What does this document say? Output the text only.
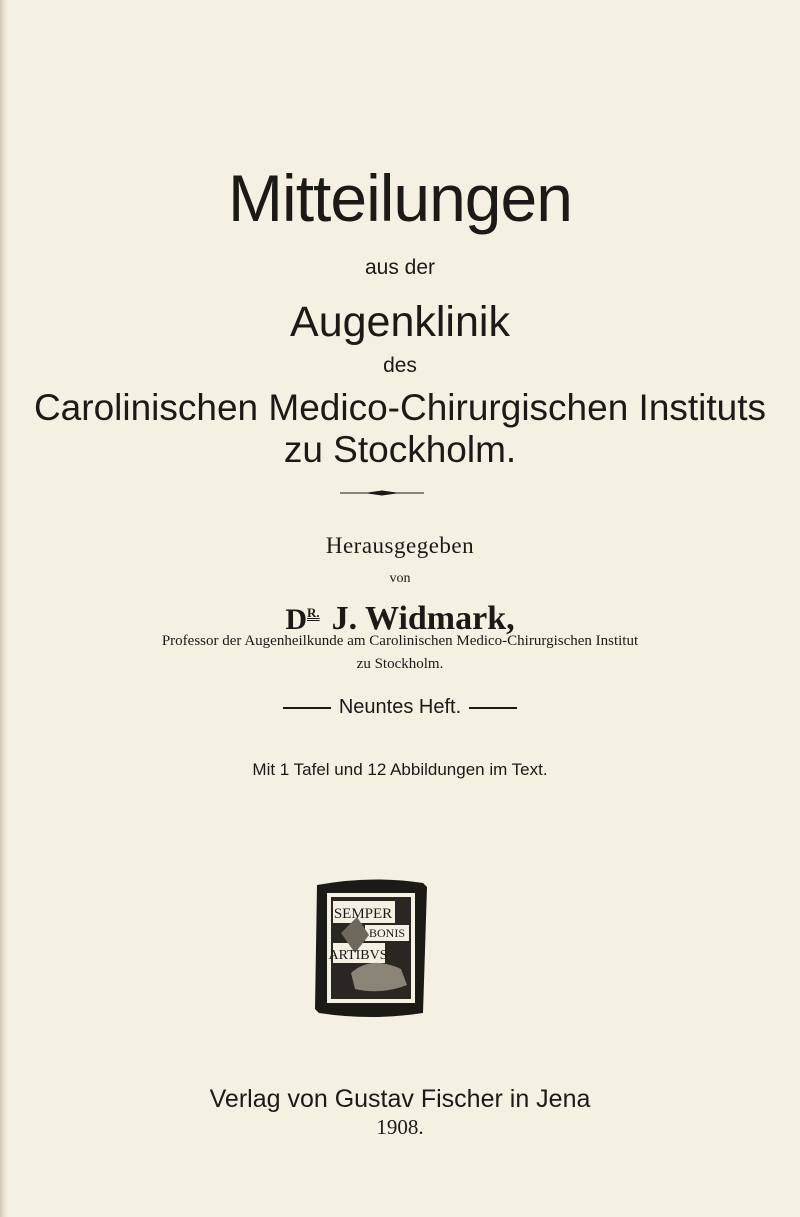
Mitteilungen
aus der
Augenklinik
des
Carolinischen Medico-Chirurgischen Instituts
zu Stockholm.
Herausgegeben
von
$D^{R.}$ J. Widmark,
Professor der Augenheilkunde am Carolinischen Medico-Chirurgischen Institut
zu Stockholm.
Neuntes Heft.
Mit 1 Tafel und 12 Abbildungen im Text.
SEMPER
BONIS
ARTIBVS
Verlag von Gustav Fischer in Jena
1908.
